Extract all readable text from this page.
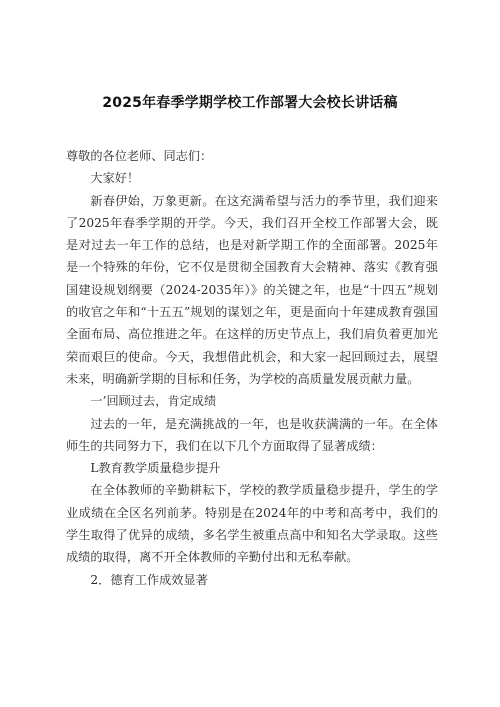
2025年春季学期学校工作部署大会校长讲话稿

尊敬的各位老师、同志们：

大家好！

新春伊始，万象更新。在这充满希望与活力的季节里，我们迎来了2025年春季学期的开学。今天，我们召开全校工作部署大会，既是对过去一年工作的总结，也是对新学期工作的全面部署。2025年是一个特殊的年份，它不仅是贯彻全国教育大会精神、落实《教育强国建设规划纲要（2024-2035年）》的关键之年，也是“十四五”规划的收官之年和“十五五”规划的谋划之年，更是面向十年建成教育强国全面布局、高位推进之年。在这样的历史节点上，我们肩负着更加光荣而艰巨的使命。今天，我想借此机会，和大家一起回顾过去，展望未来，明确新学期的目标和任务，为学校的高质量发展贡献力量。

一’回顾过去，肯定成绩

过去的一年，是充满挑战的一年，也是收获满满的一年。在全体师生的共同努力下，我们在以下几个方面取得了显著成绩：

L教育教学质量稳步提升

在全体教师的辛勤耕耘下，学校的教学质量稳步提升，学生的学业成绩在全区名列前茅。特别是在2024年的中考和高考中，我们的学生取得了优异的成绩，多名学生被重点高中和知名大学录取。这些成绩的取得，离不开全体教师的辛勤付出和无私奉献。

2．德育工作成效显著
